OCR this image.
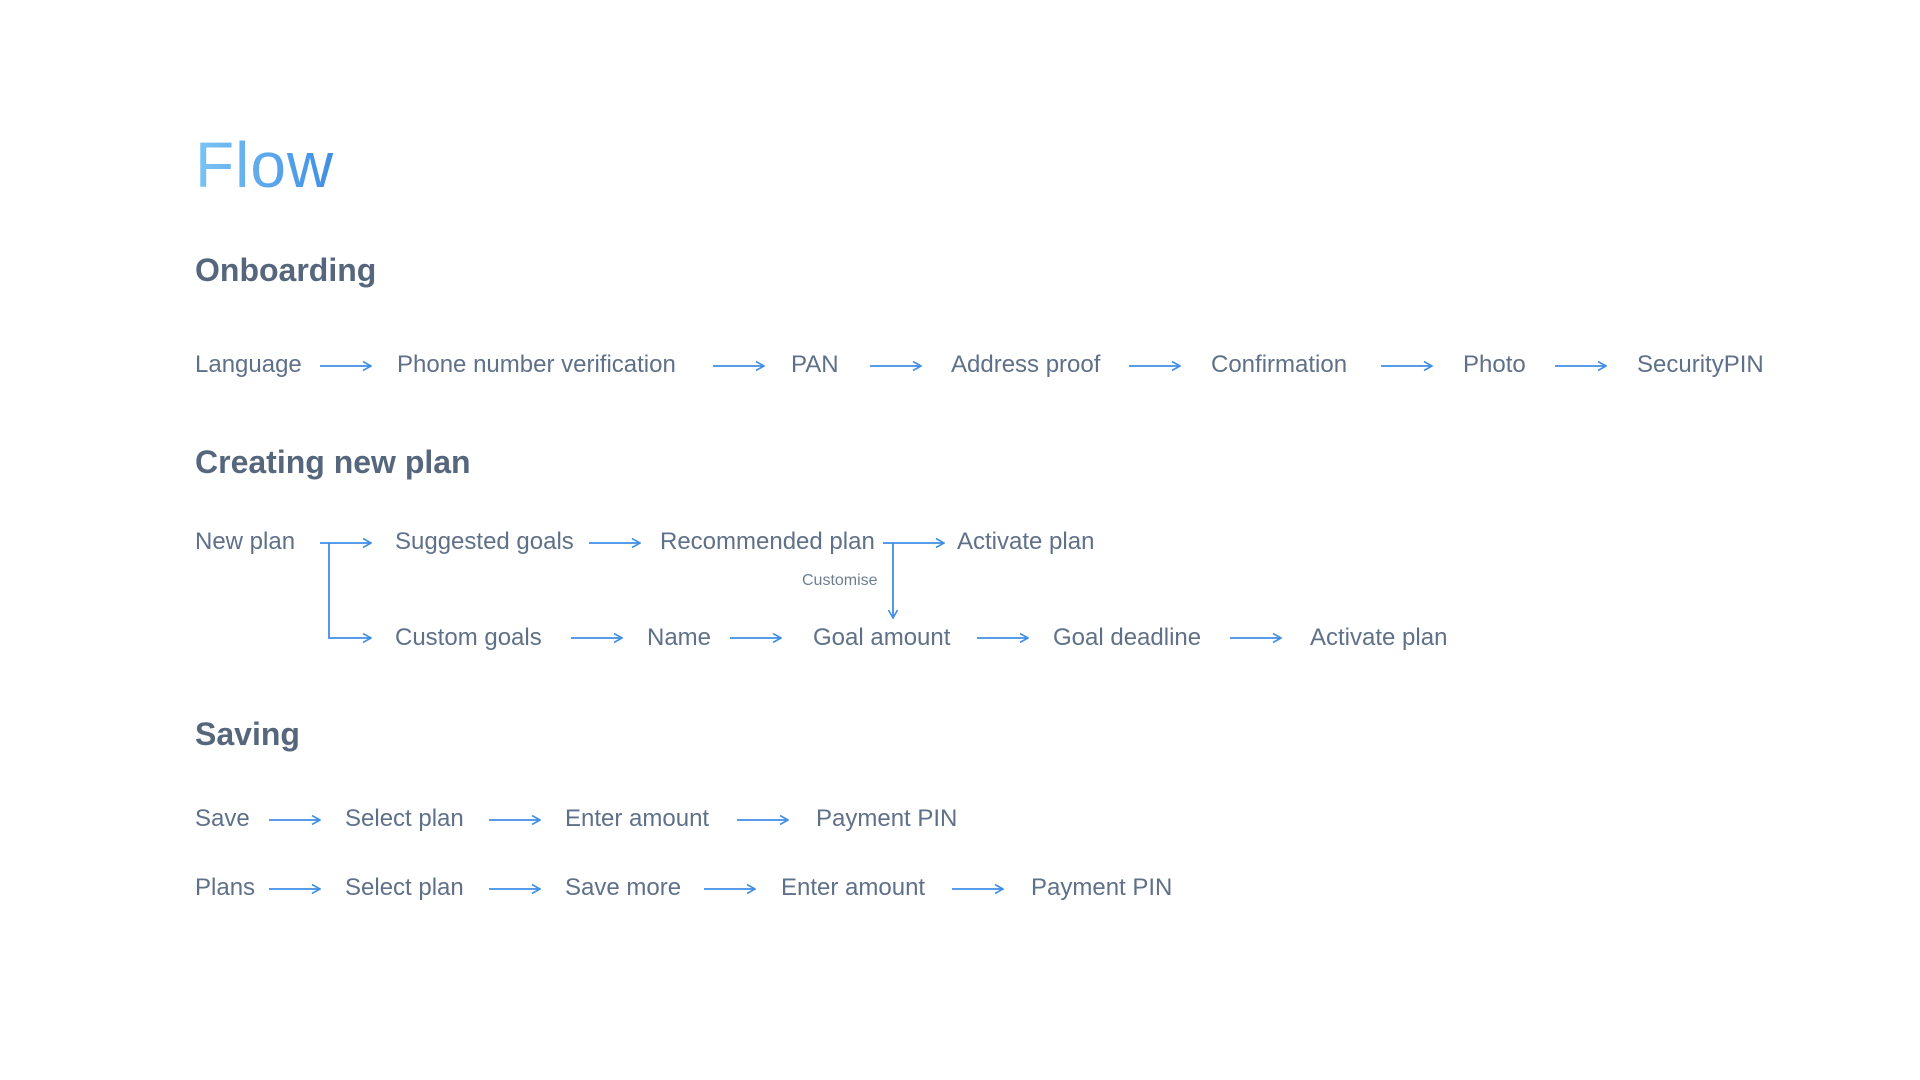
Flow
Onboarding
Language	Phone number verification	PAN	Address proof	Confirmation	Photo	SecurityPIN
Creating new plan
New plan	Suggested goals	Recommended plan	Activate plan
Customise
Custom goals	Name	Goal amount	Goal deadline	Activate plan
Saving
Save	Select plan	Enter amount	Payment PIN
Plans	Select plan	Save more	Enter amount	Payment PIN
